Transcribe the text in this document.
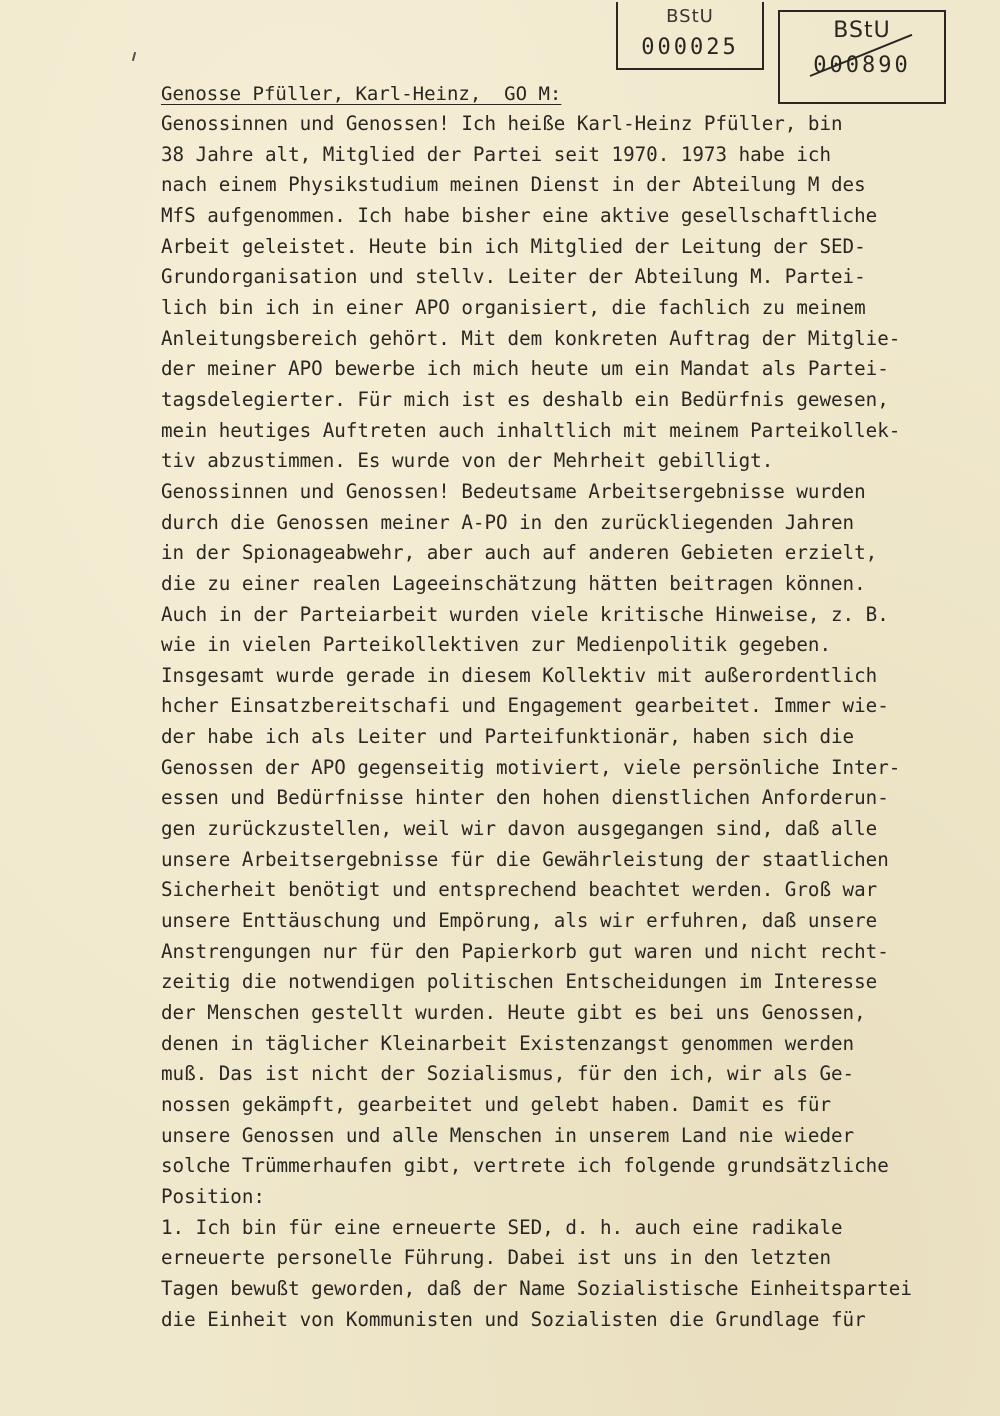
BStU
000025
BStU
000890
Genosse Pfüller, Karl-Heinz,  GO M:
Genossinnen und Genossen! Ich heiße Karl-Heinz Pfüller, bin
38 Jahre alt, Mitglied der Partei seit 1970. 1973 habe ich
nach einem Physikstudium meinen Dienst in der Abteilung M des
MfS aufgenommen. Ich habe bisher eine aktive gesellschaftliche
Arbeit geleistet. Heute bin ich Mitglied der Leitung der SED-
Grundorganisation und stellv. Leiter der Abteilung M. Partei-
lich bin ich in einer APO organisiert, die fachlich zu meinem
Anleitungsbereich gehört. Mit dem konkreten Auftrag der Mitglie-
der meiner APO bewerbe ich mich heute um ein Mandat als Partei-
tagsdelegierter. Für mich ist es deshalb ein Bedürfnis gewesen,
mein heutiges Auftreten auch inhaltlich mit meinem Parteikollek-
tiv abzustimmen. Es wurde von der Mehrheit gebilligt.
Genossinnen und Genossen! Bedeutsame Arbeitsergebnisse wurden
durch die Genossen meiner A-PO in den zurückliegenden Jahren
in der Spionageabwehr, aber auch auf anderen Gebieten erzielt,
die zu einer realen Lageeinschätzung hätten beitragen können.
Auch in der Parteiarbeit wurden viele kritische Hinweise, z. B.
wie in vielen Parteikollektiven zur Medienpolitik gegeben.
Insgesamt wurde gerade in diesem Kollektiv mit außerordentlich
hcher Einsatzbereitschafi und Engagement gearbeitet. Immer wie-
der habe ich als Leiter und Parteifunktionär, haben sich die
Genossen der APO gegenseitig motiviert, viele persönliche Inter-
essen und Bedürfnisse hinter den hohen dienstlichen Anforderun-
gen zurückzustellen, weil wir davon ausgegangen sind, daß alle
unsere Arbeitsergebnisse für die Gewährleistung der staatlichen
Sicherheit benötigt und entsprechend beachtet werden. Groß war
unsere Enttäuschung und Empörung, als wir erfuhren, daß unsere
Anstrengungen nur für den Papierkorb gut waren und nicht recht-
zeitig die notwendigen politischen Entscheidungen im Interesse
der Menschen gestellt wurden. Heute gibt es bei uns Genossen,
denen in täglicher Kleinarbeit Existenzangst genommen werden
muß. Das ist nicht der Sozialismus, für den ich, wir als Ge-
nossen gekämpft, gearbeitet und gelebt haben. Damit es für
unsere Genossen und alle Menschen in unserem Land nie wieder
solche Trümmerhaufen gibt, vertrete ich folgende grundsätzliche
Position:
1. Ich bin für eine erneuerte SED, d. h. auch eine radikale
erneuerte personelle Führung. Dabei ist uns in den letzten
Tagen bewußt geworden, daß der Name Sozialistische Einheitspartei
die Einheit von Kommunisten und Sozialisten die Grundlage für
